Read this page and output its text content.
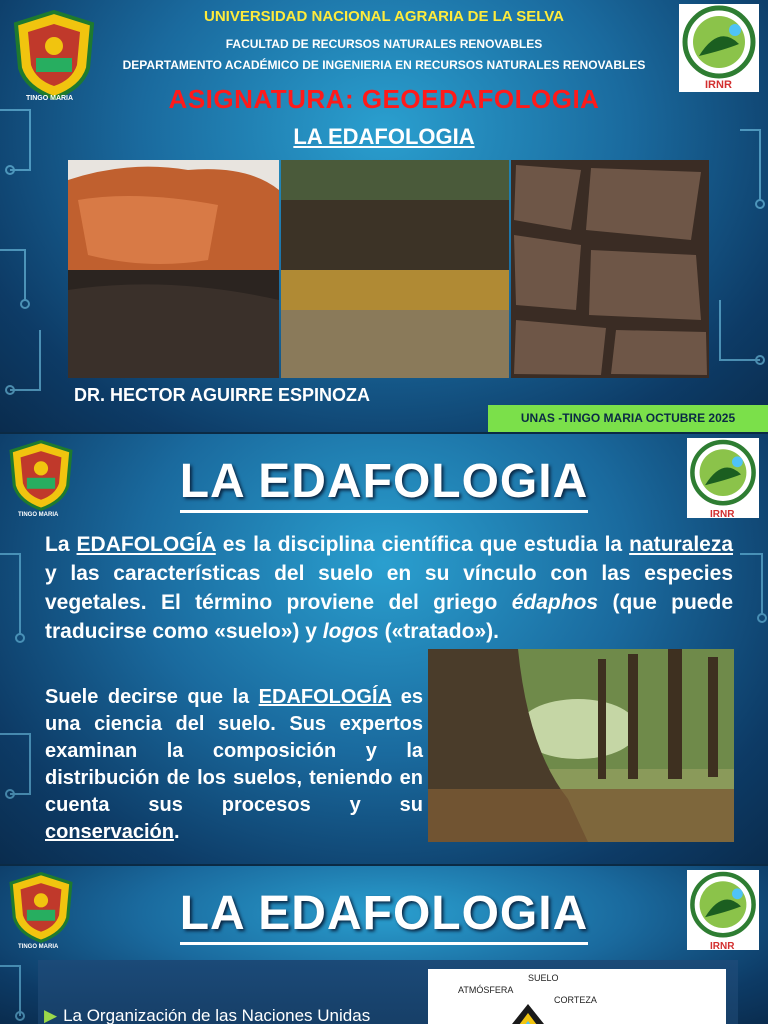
TINGO MARIA
IRNR
UNIVERSIDAD NACIONAL AGRARIA DE LA SELVA
FACULTAD DE RECURSOS NATURALES RENOVABLES
DEPARTAMENTO ACADÉMICO DE INGENIERIA EN RECURSOS NATURALES RENOVABLES
ASIGNATURA: GEOEDAFOLOGIA
LA EDAFOLOGIA
DR. HECTOR AGUIRRE ESPINOZA
UNAS -TINGO MARIA OCTUBRE 2025
TINGO MARIA	IRNR
LA EDAFOLOGIA
La EDAFOLOGÍA es la disciplina científica que estudia la naturaleza y las características del suelo en su vínculo con las especies vegetales. El término proviene del griego édaphos (que puede traducirse como «suelo») y logos («tratado»).
Suele decirse que la EDAFOLOGÍA es una ciencia del suelo. Sus expertos examinan la composición y la distribución de los suelos, teniendo en cuenta sus procesos y su conservación.
TINGO MARIA	IRNR
LA EDAFOLOGIA
▶ La Organización de las Naciones Unidas
SUELO
ATMÓSFERA
CORTEZA
